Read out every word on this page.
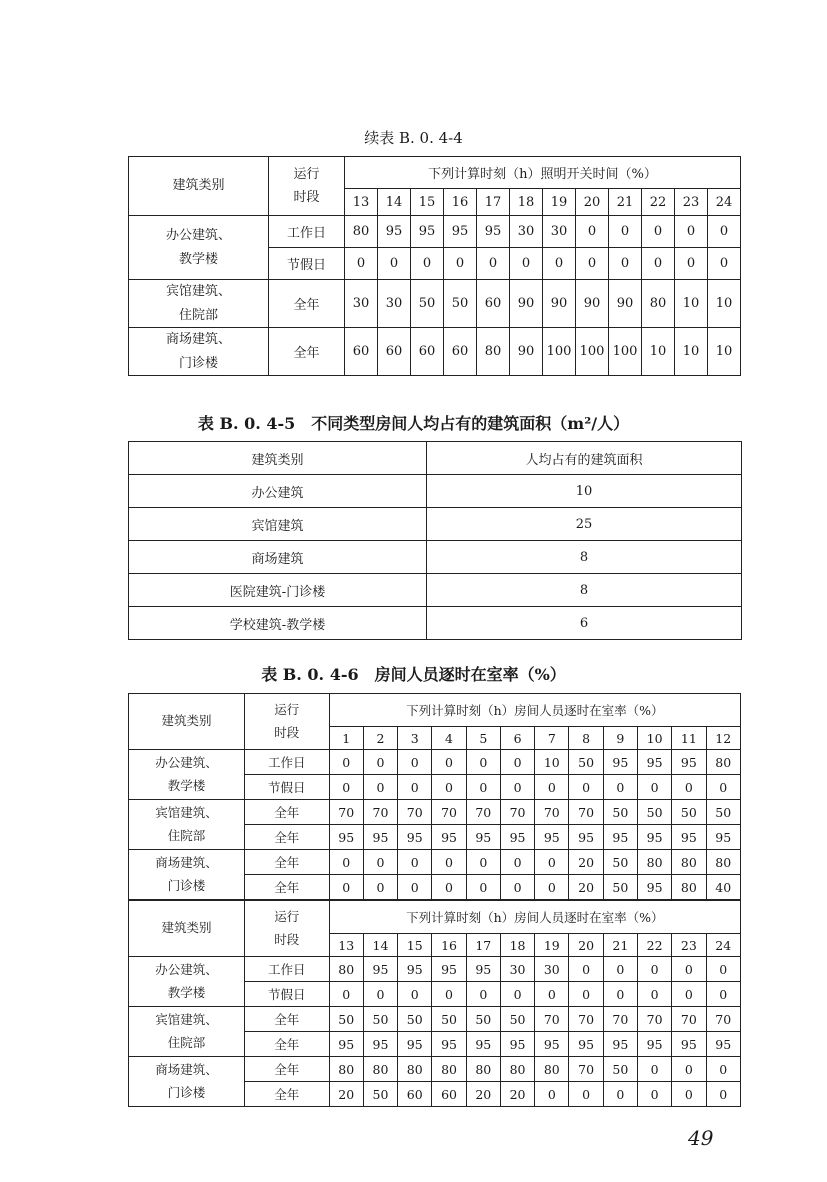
续表 B. 0. 4-4
建筑类别	运行
时段	下列计算时刻（h）照明开关时间（%）											
		13	14	15	16	17	18	19	20	21	22	23	24
办公建筑、
教学楼	工作日	80	95	95	95	95	30	30	0	0	0	0	0
	节假日	0	0	0	0	0	0	0	0	0	0	0	0
宾馆建筑、
住院部	全年	30	30	50	50	60	90	90	90	90	80	10	10
商场建筑、
门诊楼	全年	60	60	60	60	80	90	100	100	100	10	10	10
表 B. 0. 4-5　不同类型房间人均占有的建筑面积（m²/人）
建筑类别	人均占有的建筑面积
办公建筑	10
宾馆建筑	25
商场建筑	8
医院建筑-门诊楼	8
学校建筑-教学楼	6
表 B. 0. 4-6　房间人员逐时在室率（%）
建筑类别	运行
时段	下列计算时刻（h）房间人员逐时在室率（%）											
		1	2	3	4	5	6	7	8	9	10	11	12
办公建筑、
教学楼	工作日	0	0	0	0	0	0	10	50	95	95	95	80
	节假日	0	0	0	0	0	0	0	0	0	0	0	0
宾馆建筑、
住院部	全年	70	70	70	70	70	70	70	70	50	50	50	50
	全年	95	95	95	95	95	95	95	95	95	95	95	95
商场建筑、
门诊楼	全年	0	0	0	0	0	0	0	20	50	80	80	80
	全年	0	0	0	0	0	0	0	20	50	95	80	40
建筑类别	运行
时段	下列计算时刻（h）房间人员逐时在室率（%）											
		13	14	15	16	17	18	19	20	21	22	23	24
办公建筑、
教学楼	工作日	80	95	95	95	95	30	30	0	0	0	0	0
	节假日	0	0	0	0	0	0	0	0	0	0	0	0
宾馆建筑、
住院部	全年	50	50	50	50	50	50	70	70	70	70	70	70
	全年	95	95	95	95	95	95	95	95	95	95	95	95
商场建筑、
门诊楼	全年	80	80	80	80	80	80	80	70	50	0	0	0
	全年	20	50	60	60	20	20	0	0	0	0	0	0
49
